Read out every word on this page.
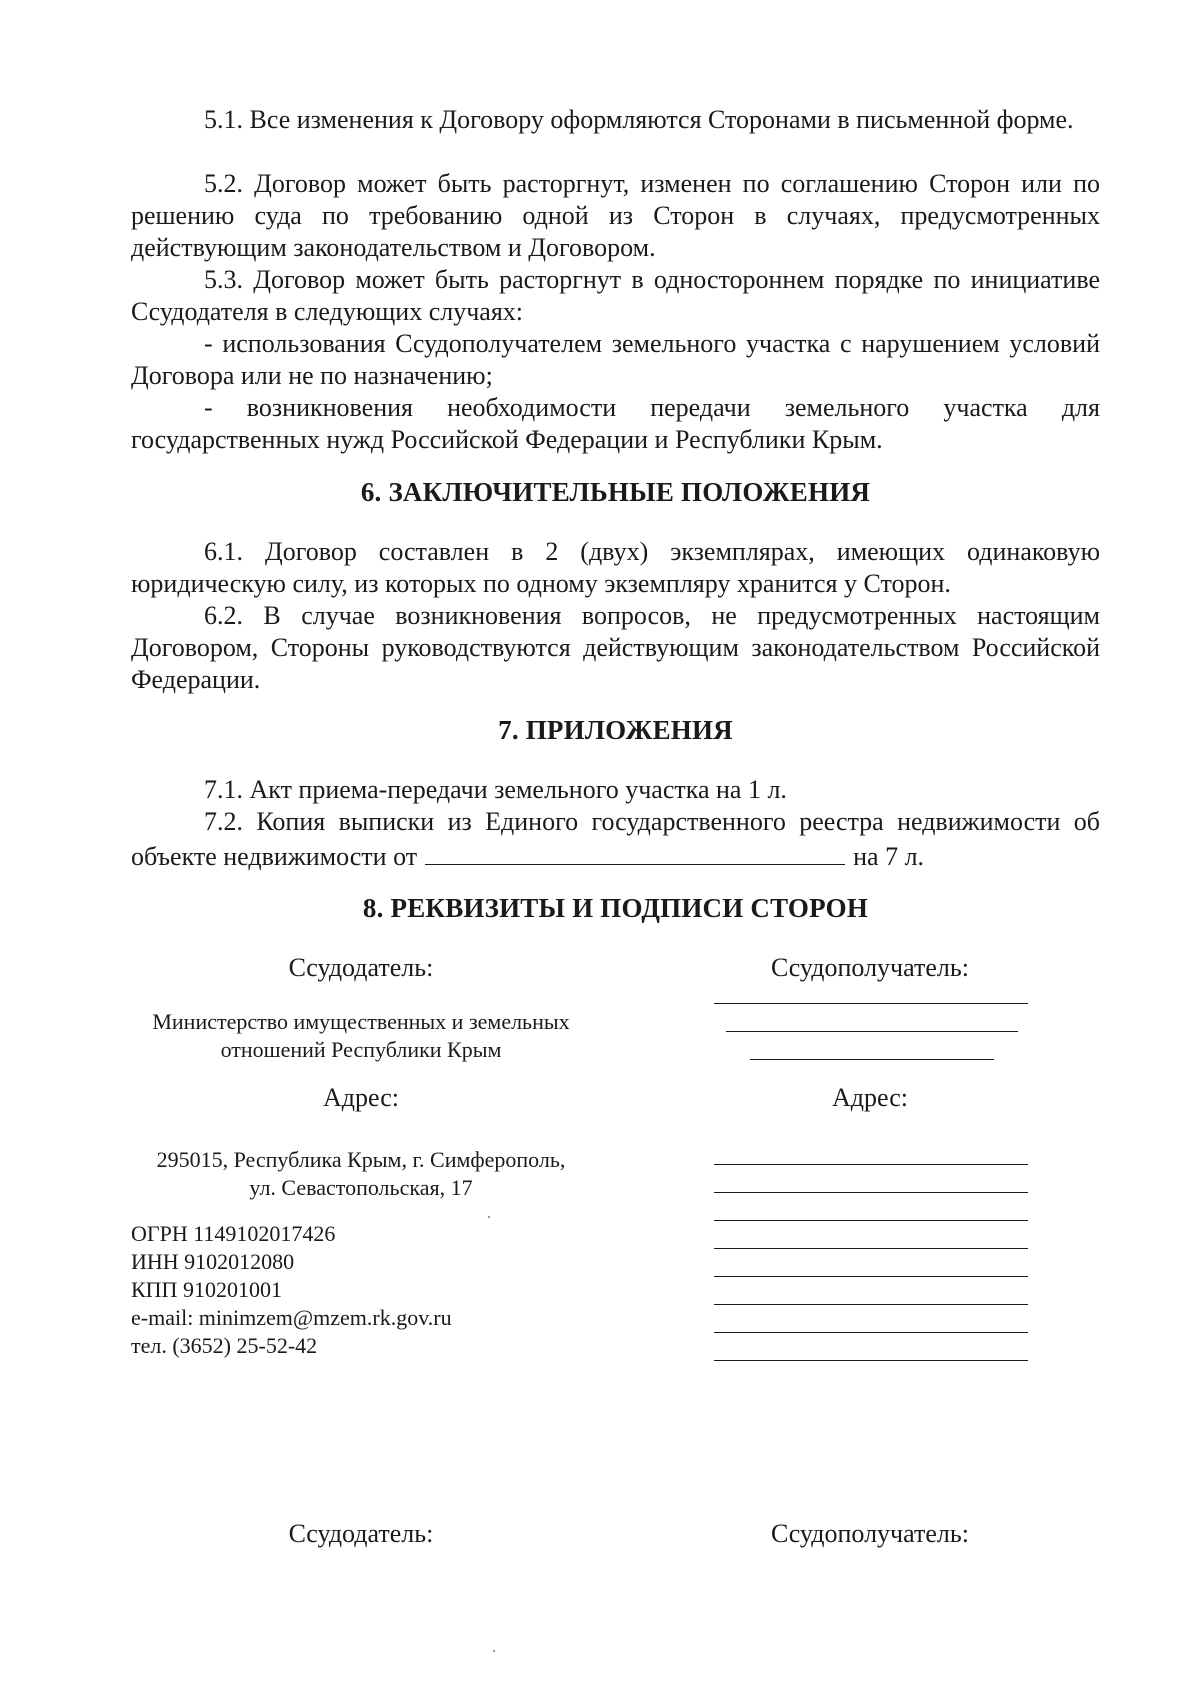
5.1. Все изменения к Договору оформляются Сторонами в письменной форме.
5.2. Договор может быть расторгнут, изменен по соглашению Сторон или по решению суда по требованию одной из Сторон в случаях, предусмотренных действующим законодательством и Договором.
5.3. Договор может быть расторгнут в одностороннем порядке по инициативе Ссудодателя в следующих случаях:
- использования Ссудополучателем земельного участка с нарушением условий Договора или не по назначению;
- возникновения необходимости передачи земельного участка для государственных нужд Российской Федерации и Республики Крым.
6. ЗАКЛЮЧИТЕЛЬНЫЕ ПОЛОЖЕНИЯ
6.1. Договор составлен в 2 (двух) экземплярах, имеющих одинаковую юридическую силу, из которых по одному экземпляру хранится у Сторон.
6.2. В случае возникновения вопросов, не предусмотренных настоящим Договором, Стороны руководствуются действующим законодательством Российской Федерации.
7. ПРИЛОЖЕНИЯ
7.1. Акт приема-передачи земельного участка на 1 л.
7.2. Копия выписки из Единого государственного реестра недвижимости об объекте недвижимости от	на 7 л.
8. РЕКВИЗИТЫ И ПОДПИСИ СТОРОН
Ссудодатель:	Ссудополучатель:
Министерство имущественных и земельных
отношений Республики Крым
Адрес:	Адрес:
295015, Республика Крым, г. Симферополь,
ул. Севастопольская, 17
ОГРН 1149102017426
ИНН 9102012080
КПП 910201001
e-mail: minimzem@mzem.rk.gov.ru
тел. (3652) 25-52-42
Ссудодатель:	Ссудополучатель:
